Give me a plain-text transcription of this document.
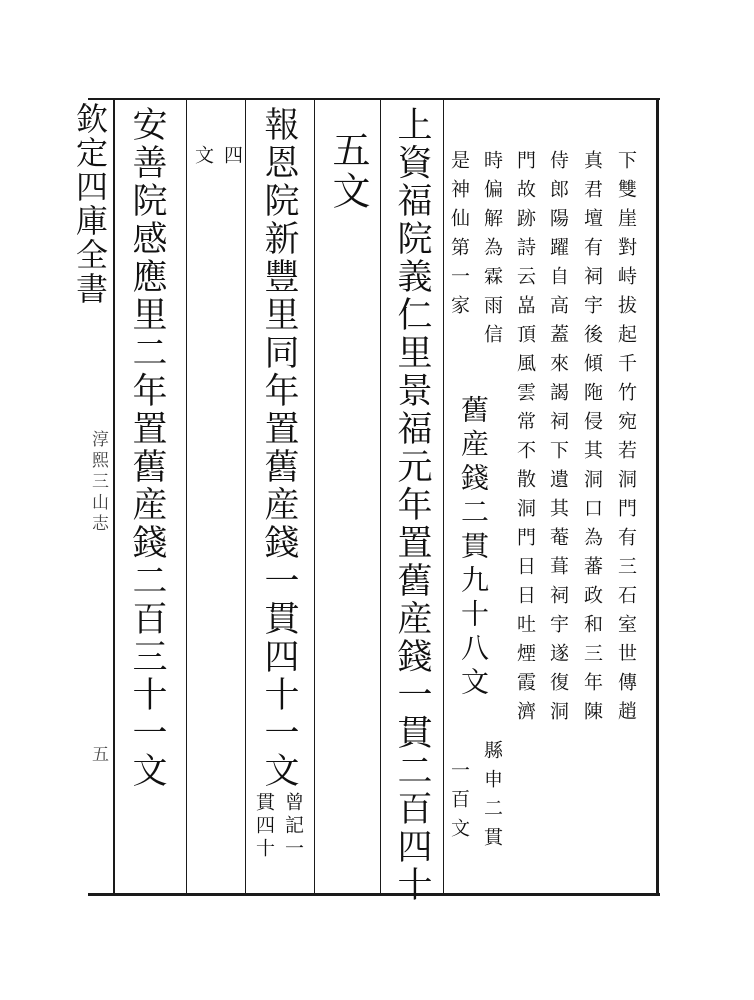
欽定四庫全書
淳熙三山志
五
下雙崖對峙拔起千竹宛若洞門有三石室世傳趙
真君壇有祠宇後傾陁侵其洞口為蕃政和三年陳
侍郎陽躍自高蓋來謁祠下遺其菴葺祠宇遂復洞
門故跡詩云嵓頂風雲常不散洞門日日吐煙霞濟
時偏解為霖雨信
舊産錢二貫九十八文
縣申二貫
是神仙第一家
一百文
上資福院義仁里景福元年置舊産錢一貫二百四十
五文
報恩院新豐里同年置舊産錢一貫四十一文
曾記一
貫四十
四
文
安善院感應里二年置舊産錢二百三十一文
